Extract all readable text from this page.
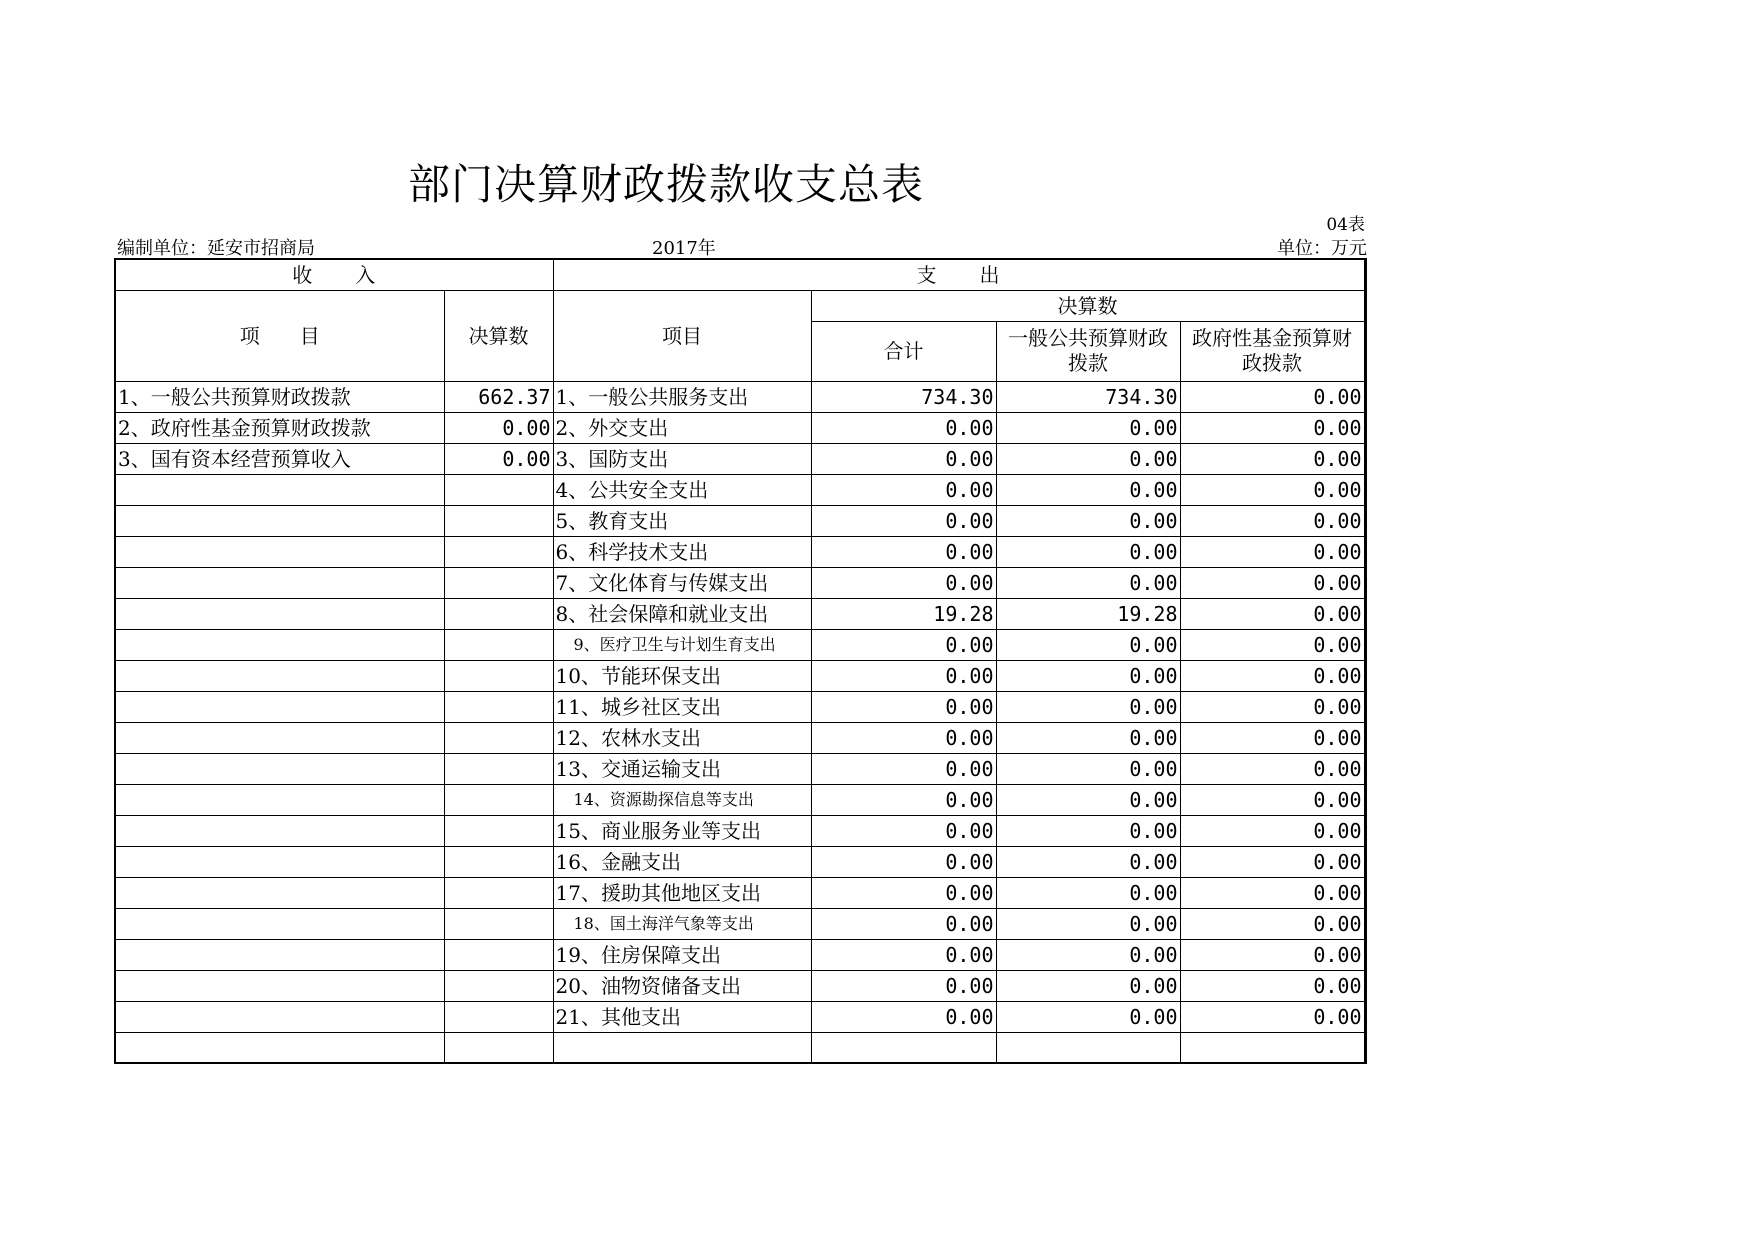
部门决算财政拨款收支总表
04表
编制单位：延安市招商局	2017年	单位：万元
收　　入		支　　出			
项　　目	决算数	项目	决算数		
			合计	一般公共预算财政拨款	政府性基金预算财政拨款

1、一般公共预算财政拨款	662.37	1、一般公共服务支出	734.30	734.30	0.00
2、政府性基金预算财政拨款	0.00	2、外交支出	0.00	0.00	0.00
3、国有资本经营预算收入	0.00	3、国防支出	0.00	0.00	0.00
		4、公共安全支出	0.00	0.00	0.00
		5、教育支出	0.00	0.00	0.00
		6、科学技术支出	0.00	0.00	0.00
		7、文化体育与传媒支出	0.00	0.00	0.00
		8、社会保障和就业支出	19.28	19.28	0.00
		9、医疗卫生与计划生育支出	0.00	0.00	0.00
		10、节能环保支出	0.00	0.00	0.00
		11、城乡社区支出	0.00	0.00	0.00
		12、农林水支出	0.00	0.00	0.00
		13、交通运输支出	0.00	0.00	0.00
		14、资源勘探信息等支出	0.00	0.00	0.00
		15、商业服务业等支出	0.00	0.00	0.00
		16、金融支出	0.00	0.00	0.00
		17、援助其他地区支出	0.00	0.00	0.00
		18、国土海洋气象等支出	0.00	0.00	0.00
		19、住房保障支出	0.00	0.00	0.00
		20、油物资储备支出	0.00	0.00	0.00
		21、其他支出	0.00	0.00	0.00
